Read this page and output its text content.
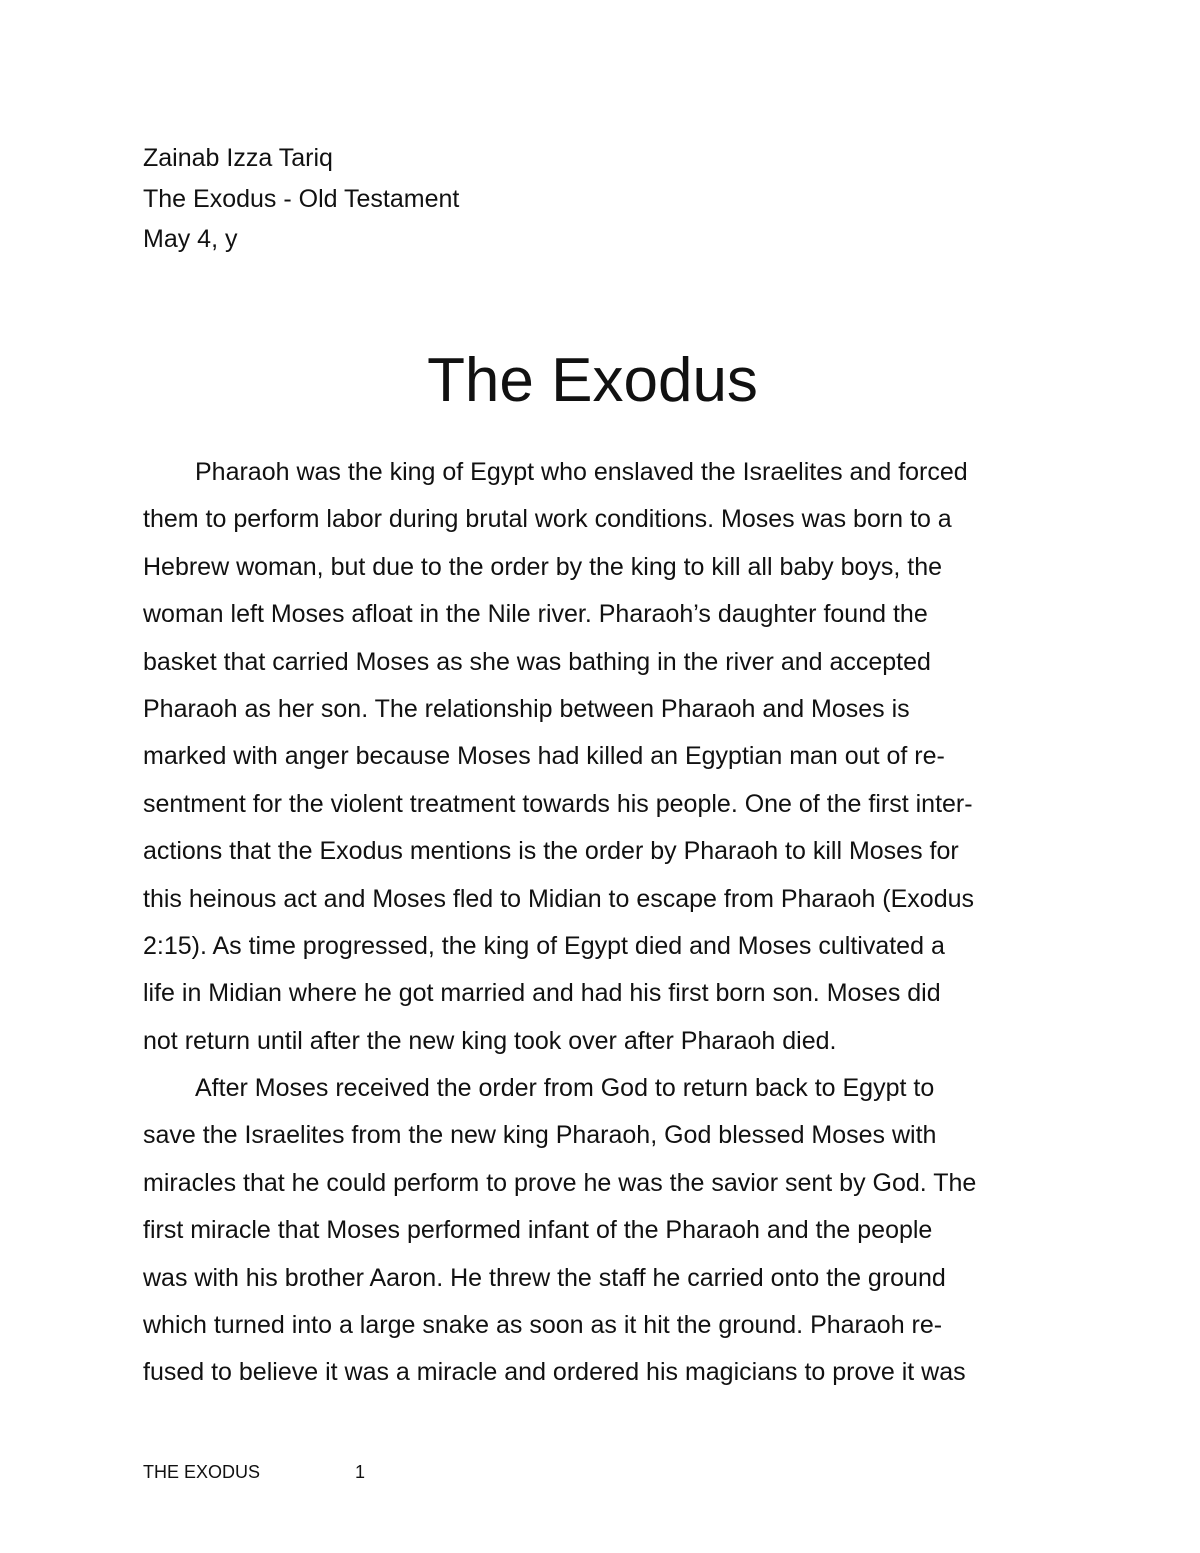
Zainab Izza Tariq
The Exodus - Old Testament
May 4, y
The Exodus
Pharaoh was the king of Egypt who enslaved the Israelites and forced
them to perform labor during brutal work conditions. Moses was born to a
Hebrew woman, but due to the order by the king to kill all baby boys, the
woman left Moses afloat in the Nile river. Pharaoh’s daughter found the
basket that carried Moses as she was bathing in the river and accepted
Pharaoh as her son. The relationship between Pharaoh and Moses is
marked with anger because Moses had killed an Egyptian man out of re-
sentment for the violent treatment towards his people. One of the first inter-
actions that the Exodus mentions is the order by Pharaoh to kill Moses for
this heinous act and Moses fled to Midian to escape from Pharaoh (Exodus
2:15). As time progressed, the king of Egypt died and Moses cultivated a
life in Midian where he got married and had his first born son. Moses did
not return until after the new king took over after Pharaoh died.
After Moses received the order from God to return back to Egypt to
save the Israelites from the new king Pharaoh, God blessed Moses with
miracles that he could perform to prove he was the savior sent by God. The
first miracle that Moses performed infant of the Pharaoh and the people
was with his brother Aaron. He threw the staff he carried onto the ground
which turned into a large snake as soon as it hit the ground. Pharaoh re-
fused to believe it was a miracle and ordered his magicians to prove it was
THE EXODUS	1
